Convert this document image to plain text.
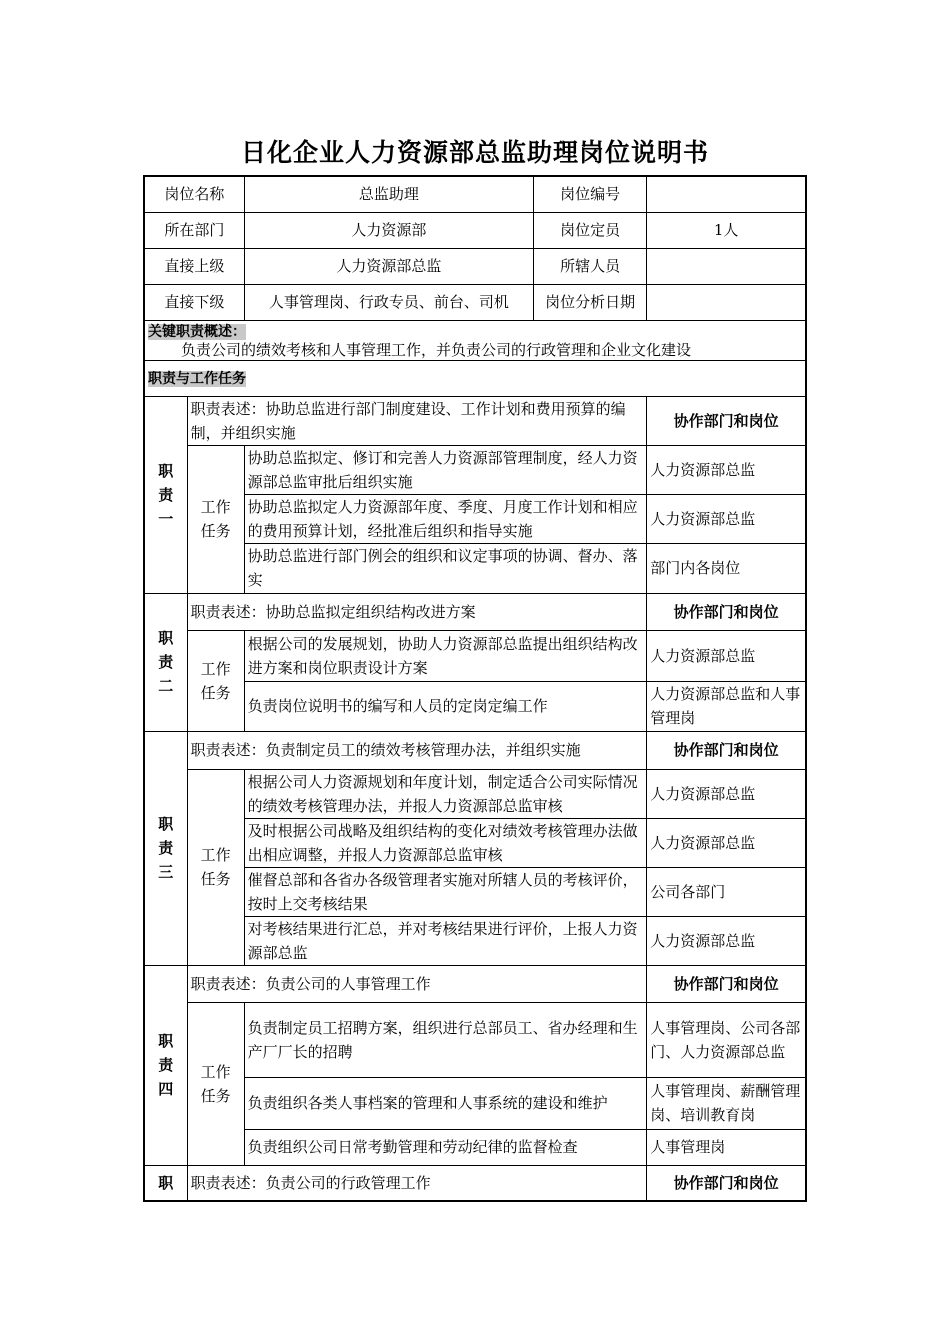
日化企业人力资源部总监助理岗位说明书
岗位名称		总监助理	岗位编号	
所在部门		人力资源部	岗位定员	1人
直接上级		人力资源部总监	所辖人员	
直接下级		人事管理岗、行政专员、前台、司机	岗位分析日期	

关键职责概述：
负责公司的绩效考核和人事管理工作，并负责公司的行政管理和企业文化建设				

职责与工作任务				
职责一	职责表述：协助总监进行部门制度建设、工作计划和费用预算的编制，并组织实施			协作部门和岗位
	工作任务	协助总监拟定、修订和完善人力资源部管理制度，经人力资源部总监审批后组织实施		人力资源部总监
		协助总监拟定人力资源部年度、季度、月度工作计划和相应的费用预算计划，经批准后组织和指导实施		人力资源部总监
		协助总监进行部门例会的组织和议定事项的协调、督办、落实		部门内各岗位
职责二	职责表述：协助总监拟定组织结构改进方案			协作部门和岗位
	工作任务	根据公司的发展规划，协助人力资源部总监提出组织结构改进方案和岗位职责设计方案		人力资源部总监
		负责岗位说明书的编写和人员的定岗定编工作		人力资源部总监和人事管理岗
职责三	职责表述：负责制定员工的绩效考核管理办法，并组织实施			协作部门和岗位
	工作任务	根据公司人力资源规划和年度计划，制定适合公司实际情况的绩效考核管理办法，并报人力资源部总监审核		人力资源部总监
		及时根据公司战略及组织结构的变化对绩效考核管理办法做出相应调整，并报人力资源部总监审核		人力资源部总监
		催督总部和各省办各级管理者实施对所辖人员的考核评价，按时上交考核结果		公司各部门
		对考核结果进行汇总，并对考核结果进行评价，上报人力资源部总监		人力资源部总监
职责四	职责表述：负责公司的人事管理工作			协作部门和岗位
	工作任务	负责制定员工招聘方案，组织进行总部员工、省办经理和生产厂厂长的招聘		人事管理岗、公司各部门、人力资源部总监
		负责组织各类人事档案的管理和人事系统的建设和维护		人事管理岗、薪酬管理岗、培训教育岗
		负责组织公司日常考勤管理和劳动纪律的监督检查		人事管理岗
职	职责表述：负责公司的行政管理工作			协作部门和岗位
